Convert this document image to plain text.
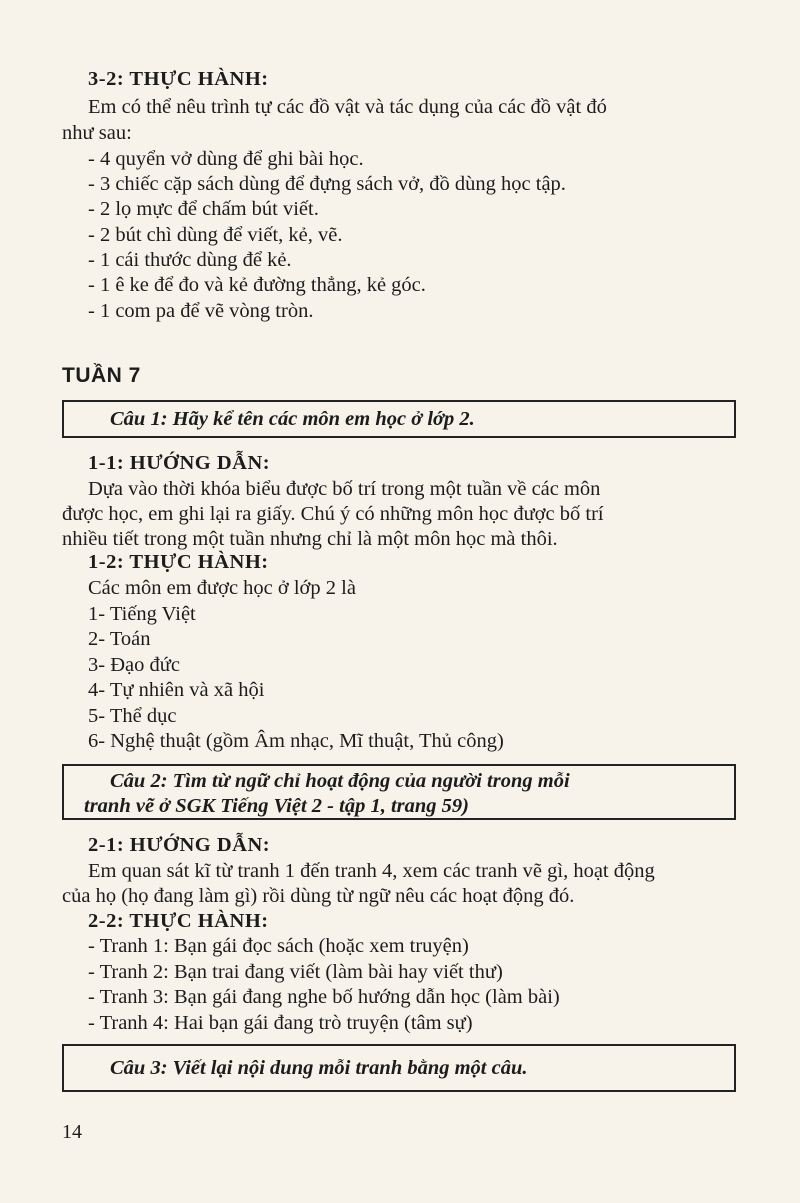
3-2: THỰC HÀNH:

Em có thể nêu trình tự các đồ vật và tác dụng của các đồ vật đó

như sau:

- 4 quyển vở dùng để ghi bài học.

- 3 chiếc cặp sách dùng để đựng sách vở, đồ dùng học tập.

- 2 lọ mực để chấm bút viết.

- 2 bút chì dùng để viết, kẻ, vẽ.

- 1 cái thước dùng để kẻ.

- 1 ê ke để đo và kẻ đường thẳng, kẻ góc.

- 1 com pa để vẽ vòng tròn.

TUẦN 7

Câu 1: Hãy kể tên các môn em học ở lớp 2.

1-1: HƯỚNG DẪN:

Dựa vào thời khóa biểu được bố trí trong một tuần về các môn

được học, em ghi lại ra giấy. Chú ý có những môn học được bố trí

nhiều tiết trong một tuần nhưng chỉ là một môn học mà thôi.

1-2: THỰC HÀNH:

Các môn em được học ở lớp 2 là

1- Tiếng Việt

2- Toán

3- Đạo đức

4- Tự nhiên và xã hội

5- Thể dục

6- Nghệ thuật (gồm Âm nhạc, Mĩ thuật, Thủ công)

Câu 2: Tìm từ ngữ chỉ hoạt động của người trong mỗi

tranh vẽ ở SGK Tiếng Việt 2 - tập 1, trang 59)

2-1: HƯỚNG DẪN:

Em quan sát kĩ từ tranh 1 đến tranh 4, xem các tranh vẽ gì, hoạt động

của họ (họ đang làm gì) rồi dùng từ ngữ nêu các hoạt động đó.

2-2: THỰC HÀNH:

- Tranh 1: Bạn gái đọc sách (hoặc xem truyện)

- Tranh 2: Bạn trai đang viết (làm bài hay viết thư)

- Tranh 3: Bạn gái đang nghe bố hướng dẫn học (làm bài)

- Tranh 4: Hai bạn gái đang trò truyện (tâm sự)

Câu 3: Viết lại nội dung mỗi tranh bằng một câu.

14
